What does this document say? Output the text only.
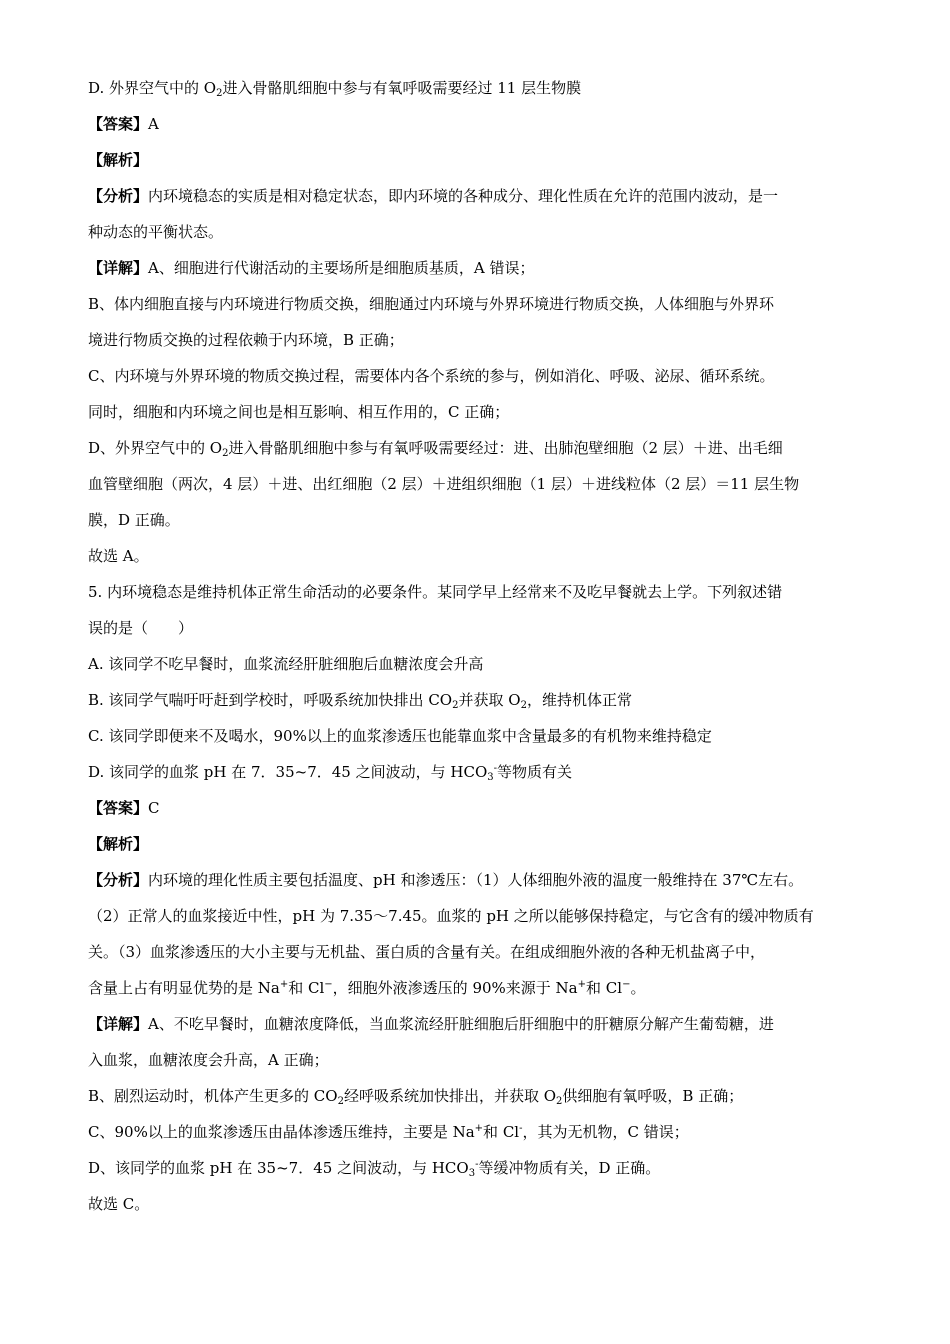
D. 外界空气中的 $O_2$进入骨骼肌细胞中参与有氧呼吸需要经过 11 层生物膜
【答案】A
【解析】
【分析】内环境稳态的实质是相对稳定状态，即内环境的各种成分、理化性质在允许的范围内波动，是一
种动态的平衡状态。
【详解】A、细胞进行代谢活动的主要场所是细胞质基质，A 错误；
B、体内细胞直接与内环境进行物质交换，细胞通过内环境与外界环境进行物质交换，人体细胞与外界环
境进行物质交换的过程依赖于内环境，B 正确；
C、内环境与外界环境的物质交换过程，需要体内各个系统的参与，例如消化、呼吸、泌尿、循环系统。
同时，细胞和内环境之间也是相互影响、相互作用的，C 正确；
D、外界空气中的 $O_2$进入骨骼肌细胞中参与有氧呼吸需要经过：进、出肺泡壁细胞（2 层）＋进、出毛细
血管壁细胞（两次，4 层）＋进、出红细胞（2 层）＋进组织细胞（1 层）＋进线粒体（2 层）＝11 层生物
膜，D 正确。
故选 A。
5. 内环境稳态是维持机体正常生命活动的必要条件。某同学早上经常来不及吃早餐就去上学。下列叙述错
误的是（　　）
A. 该同学不吃早餐时，血浆流经肝脏细胞后血糖浓度会升高
B. 该同学气喘吁吁赶到学校时，呼吸系统加快排出 $CO_2$并获取 $O_2$，维持机体正常
C. 该同学即便来不及喝水，90%以上的血浆渗透压也能靠血浆中含量最多的有机物来维持稳定
D. 该同学的血浆 pH 在 7．35~7．45 之间波动，与 $HCO_3^-$等物质有关
【答案】C
【解析】
【分析】内环境的理化性质主要包括温度、pH 和渗透压：（1）人体细胞外液的温度一般维持在 37℃左右。
（2）正常人的血浆接近中性，pH 为 7.35～7.45。血浆的 pH 之所以能够保持稳定，与它含有的缓冲物质有
关。（3）血浆渗透压的大小主要与无机盐、蛋白质的含量有关。在组成细胞外液的各种无机盐离子中，
含量上占有明显优势的是 Na+和 Cl−，细胞外液渗透压的 90%来源于 Na+和 Cl−。
【详解】A、不吃早餐时，血糖浓度降低，当血浆流经肝脏细胞后肝细胞中的肝糖原分解产生葡萄糖，进
入血浆，血糖浓度会升高，A 正确；
B、剧烈运动时，机体产生更多的 $CO_2$经呼吸系统加快排出，并获取 $O_2$供细胞有氧呼吸，B 正确；
C、90%以上的血浆渗透压由晶体渗透压维持，主要是 Na+和 Cl-，其为无机物，C 错误；
D、该同学的血浆 pH 在 35~7．45 之间波动，与 $HCO_3^-$等缓冲物质有关，D 正确。
故选 C。
